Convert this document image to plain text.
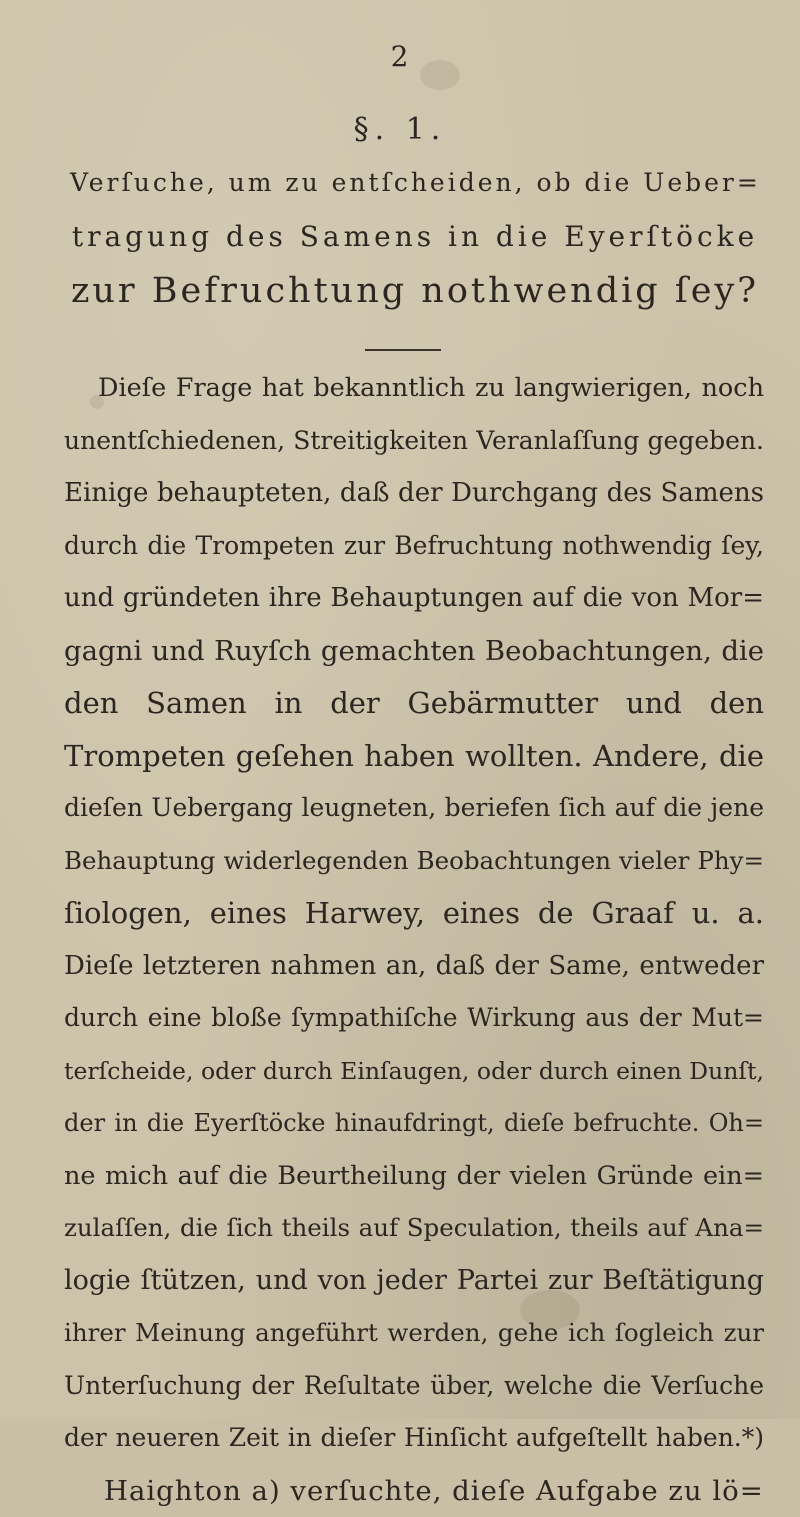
2
§. 1.
Verſuche, um zu entſcheiden, ob die Ueber=
tragung des Samens in die Eyerſtöcke
zur Befruchtung nothwendig ſey?
Dieſe Frage hat bekanntlich zu langwierigen, noch
unentſchiedenen, Streitigkeiten Veranlaſſung gegeben.
Einige behaupteten, daß der Durchgang des Samens
durch die Trompeten zur Befruchtung nothwendig ſey,
und gründeten ihre Behauptungen auf die von Mor=
gagni und Ruyſch gemachten Beobachtungen, die
den Samen in der Gebärmutter und den
Trompeten geſehen haben wollten. Andere, die
dieſen Uebergang leugneten, beriefen ſich auf die jene
Behauptung widerlegenden Beobachtungen vieler Phy=
ſiologen, eines Harwey, eines de Graaf u. a.
Dieſe letzteren nahmen an, daß der Same, entweder
durch eine bloße ſympathiſche Wirkung aus der Mut=
terſcheide, oder durch Einſaugen, oder durch einen Dunſt,
der in die Eyerſtöcke hinaufdringt, dieſe befruchte. Oh=
ne mich auf die Beurtheilung der vielen Gründe ein=
zulaſſen, die ſich theils auf Speculation, theils auf Ana=
logie ſtützen, und von jeder Partei zur Beſtätigung
ihrer Meinung angeführt werden, gehe ich ſogleich zur
Unterſuchung der Reſultate über, welche die Verſuche
der neueren Zeit in dieſer Hinſicht aufgeſtellt haben.*)
Haighton a) verſuchte, dieſe Aufgabe zu lö=
